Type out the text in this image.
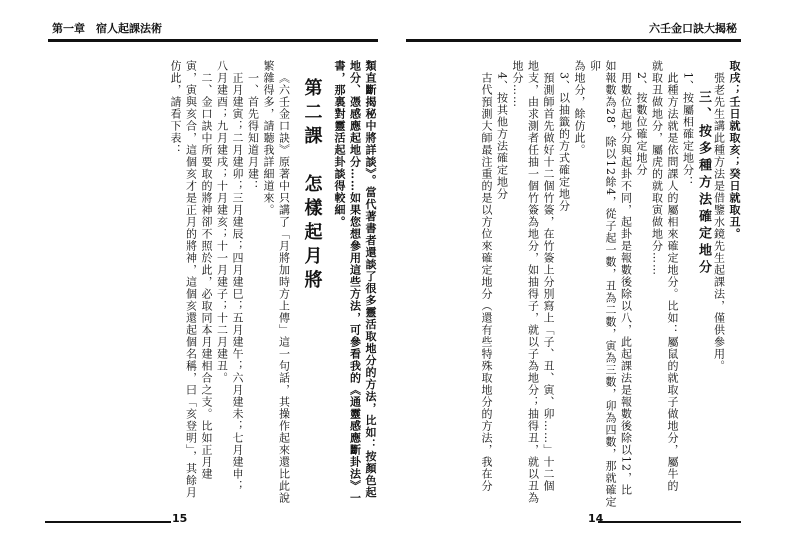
第一章　宿人起課法術
類直斷揭秘中將詳談》。當代著書者還談了很多靈活取地分的方法，比如：按顏色起
地分、憑感應起地分……如果您想參用這些方法，可參看我的《通靈感應斷卦法》一
書，那裏對靈活起卦談得較細。
第二課　怎樣起月將
《六壬金口訣》原著中只講了「月將加時方上傳」這一句話，其操作起來還比此說
繁雜得多，請聽我詳細道來。
一、首先得知道月建：
正月建寅；二月建卯；三月建辰；四月建巳；五月建午；六月建未；七月建申；
八月建酉；九月建戌；十月建亥；十一月建子；十二月建丑。
二、金口訣中所要取的將神卻不照於此，必取同本月建相合之支。比如正月建
寅，寅與亥合，這個亥才是正月的將神，這個亥還起個名稱，曰「亥登明」，其餘月
仿此，請看下表：
15
六壬金口訣大揭秘
取戌；壬日就取亥；癸日就取丑。
張老先生講此種方法是借鑒水鏡先生起課法，僅供參用。
三、按多種方法確定地分
1、按屬相確定地分：
此種方法就是依問課人的屬相來確定地分。比如：屬鼠的就取子做地分，屬牛的
就取丑做地分，屬虎的就取寅做地分……
2、按數位確定地分
用數位起地分與起卦不同，起卦是報數後除以八，此起課法是報數後除以12，比
如報數為28，除以12餘4，從子起一數，丑為二數，寅為三數，卯為四數，那就確定卯
為地分，餘仿此。
3、以抽籤的方式確定地分
預測師首先做好十二個竹簽，在竹簽上分別寫上「子、丑、寅、卯……」十二個
地支，由求測者任抽一個竹簽為地分，如抽得子，就以子為地分；抽得丑，就以丑為
地分……
4、按其他方法確定地分
古代預測大師最注重的是以方位來確定地分（還有些特殊取地分的方法，我在分
14
